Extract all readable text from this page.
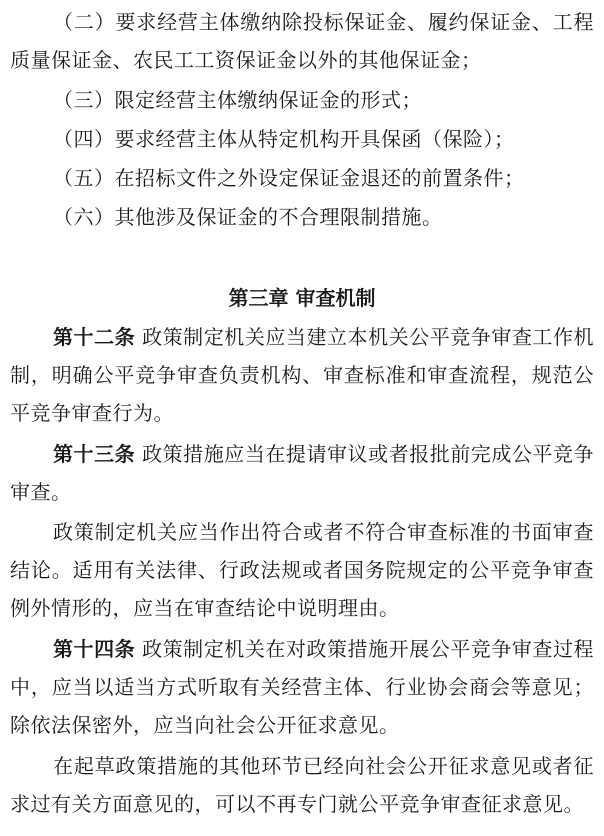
（二）要求经营主体缴纳除投标保证金、履约保证金、工程质量保证金、农民工工资保证金以外的其他保证金；
（三）限定经营主体缴纳保证金的形式；
（四）要求经营主体从特定机构开具保函（保险）；
（五）在招标文件之外设定保证金退还的前置条件；
（六）其他涉及保证金的不合理限制措施。
第三章 审查机制
第十二条 政策制定机关应当建立本机关公平竞争审查工作机制，明确公平竞争审查负责机构、审查标准和审查流程，规范公平竞争审查行为。
第十三条 政策措施应当在提请审议或者报批前完成公平竞争审查。
政策制定机关应当作出符合或者不符合审查标准的书面审查结论。适用有关法律、行政法规或者国务院规定的公平竞争审查例外情形的，应当在审查结论中说明理由。
第十四条 政策制定机关在对政策措施开展公平竞争审查过程中，应当以适当方式听取有关经营主体、行业协会商会等意见；除依法保密外，应当向社会公开征求意见。
在起草政策措施的其他环节已经向社会公开征求意见或者征求过有关方面意见的，可以不再专门就公平竞争审查征求意见。
